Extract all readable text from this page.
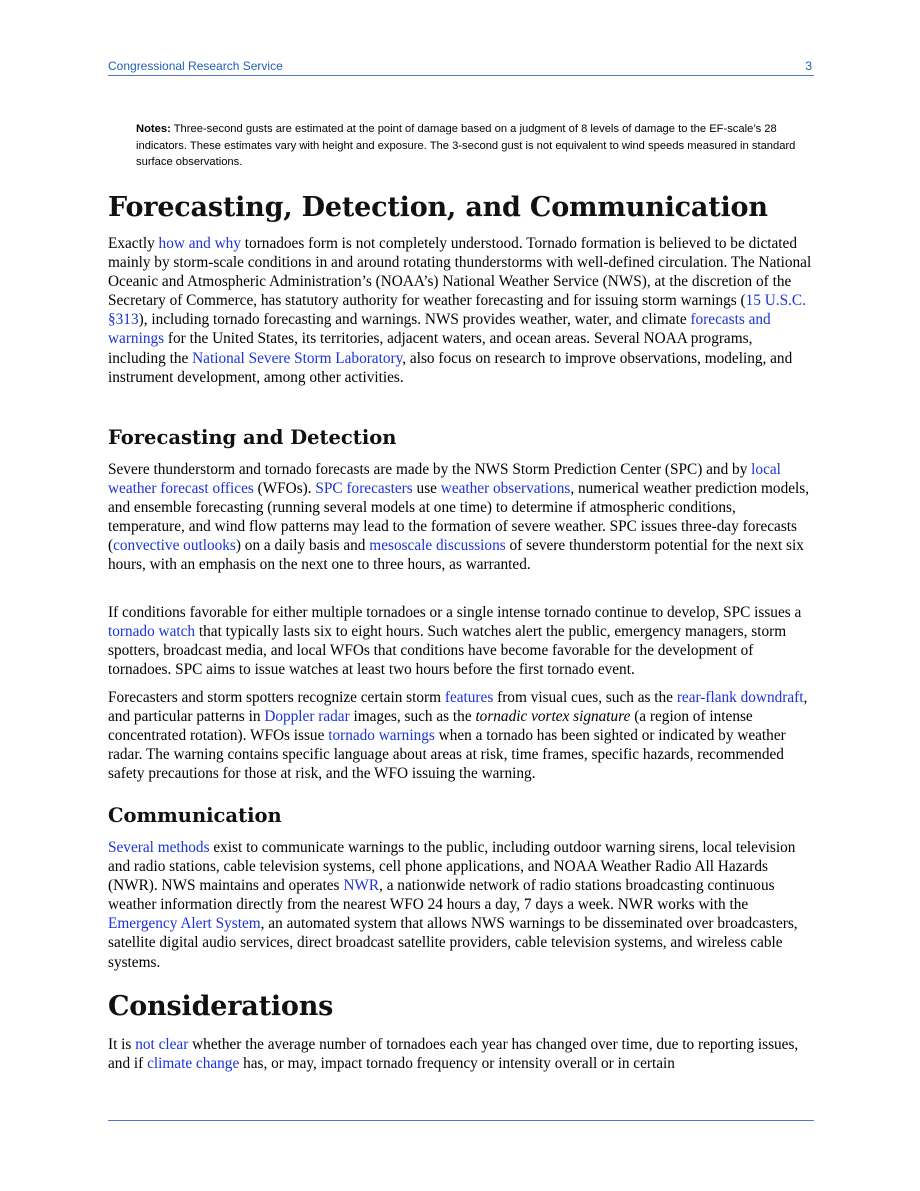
Congressional Research Service	3
Notes: Three-second gusts are estimated at the point of damage based on a judgment of 8 levels of damage to the EF-scale’s 28 indicators. These estimates vary with height and exposure. The 3-second gust is not equivalent to wind speeds measured in standard surface observations.
Forecasting, Detection, and Communication

Exactly how and why tornadoes form is not completely understood. Tornado formation is believed to be dictated mainly by storm-scale conditions in and around rotating thunderstorms with well-defined circulation. The National Oceanic and Atmospheric Administration’s (NOAA’s) National Weather Service (NWS), at the discretion of the Secretary of Commerce, has statutory authority for weather forecasting and for issuing storm warnings (15 U.S.C. §313), including tornado forecasting and warnings. NWS provides weather, water, and climate forecasts and warnings for the United States, its territories, adjacent waters, and ocean areas. Several NOAA programs, including the National Severe Storm Laboratory, also focus on research to improve observations, modeling, and instrument development, among other activities.

Forecasting and Detection

Severe thunderstorm and tornado forecasts are made by the NWS Storm Prediction Center (SPC) and by local weather forecast offices (WFOs). SPC forecasters use weather observations, numerical weather prediction models, and ensemble forecasting (running several models at one time) to determine if atmospheric conditions, temperature, and wind flow patterns may lead to the formation of severe weather. SPC issues three-day forecasts (convective outlooks) on a daily basis and mesoscale discussions of severe thunderstorm potential for the next six hours, with an emphasis on the next one to three hours, as warranted.

If conditions favorable for either multiple tornadoes or a single intense tornado continue to develop, SPC issues a tornado watch that typically lasts six to eight hours. Such watches alert the public, emergency managers, storm spotters, broadcast media, and local WFOs that conditions have become favorable for the development of tornadoes. SPC aims to issue watches at least two hours before the first tornado event.

Forecasters and storm spotters recognize certain storm features from visual cues, such as the rear-flank downdraft, and particular patterns in Doppler radar images, such as the tornadic vortex signature (a region of intense concentrated rotation). WFOs issue tornado warnings when a tornado has been sighted or indicated by weather radar. The warning contains specific language about areas at risk, time frames, specific hazards, recommended safety precautions for those at risk, and the WFO issuing the warning.

Communication

Several methods exist to communicate warnings to the public, including outdoor warning sirens, local television and radio stations, cable television systems, cell phone applications, and NOAA Weather Radio All Hazards (NWR). NWS maintains and operates NWR, a nationwide network of radio stations broadcasting continuous weather information directly from the nearest WFO 24 hours a day, 7 days a week. NWR works with the Emergency Alert System, an automated system that allows NWS warnings to be disseminated over broadcasters, satellite digital audio services, direct broadcast satellite providers, cable television systems, and wireless cable systems.

Considerations

It is not clear whether the average number of tornadoes each year has changed over time, due to reporting issues, and if climate change has, or may, impact tornado frequency or intensity overall or in certain
